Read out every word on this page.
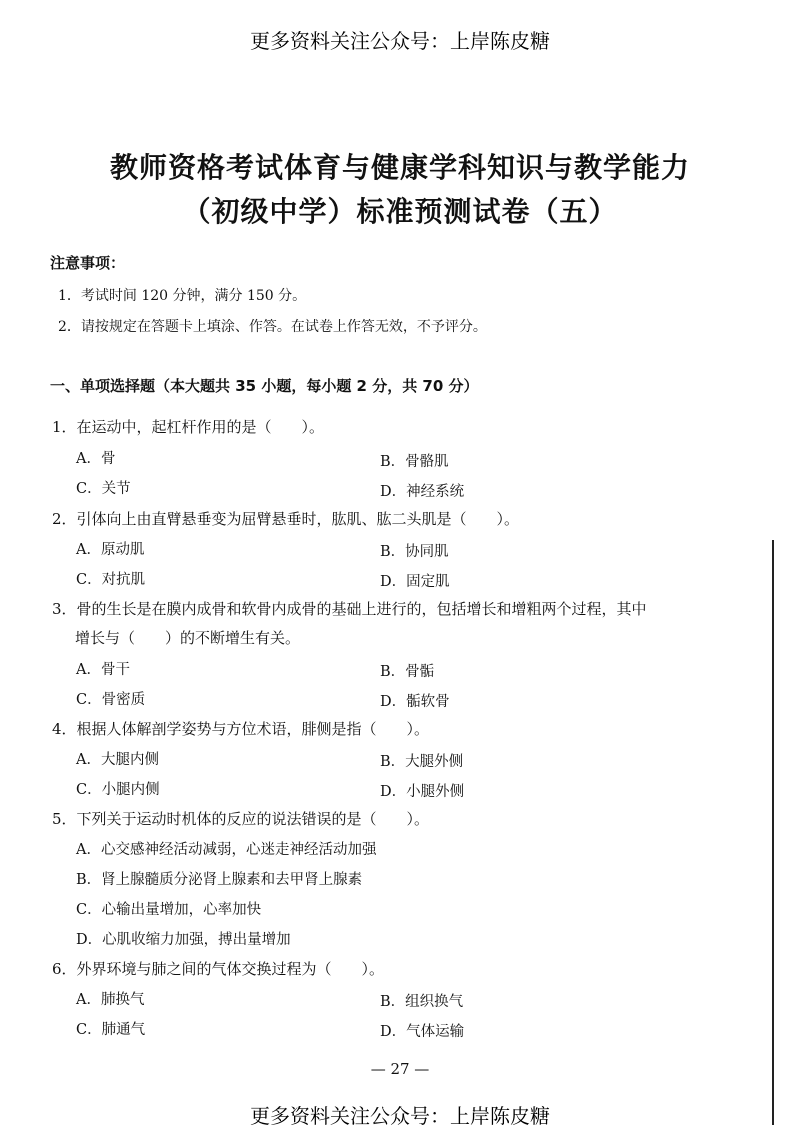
更多资料关注公众号：上岸陈皮糖
教师资格考试体育与健康学科知识与教学能力
（初级中学）标准预测试卷（五）
注意事项：
1．考试时间 120 分钟，满分 150 分。
2．请按规定在答题卡上填涂、作答。在试卷上作答无效，不予评分。
一、单项选择题（本大题共 35 小题，每小题 2 分，共 70 分）
1．在运动中，起杠杆作用的是（　　）。
A．骨	B．骨骼肌
C．关节	D．神经系统
2．引体向上由直臂悬垂变为屈臂悬垂时，肱肌、肱二头肌是（　　）。
A．原动肌	B．协同肌
C．对抗肌	D．固定肌
3．骨的生长是在膜内成骨和软骨内成骨的基础上进行的，包括增长和增粗两个过程，其中
增长与（　　）的不断增生有关。
A．骨干	B．骨骺
C．骨密质	D．骺软骨
4．根据人体解剖学姿势与方位术语，腓侧是指（　　）。
A．大腿内侧	B．大腿外侧
C．小腿内侧	D．小腿外侧
5．下列关于运动时机体的反应的说法错误的是（　　）。
A．心交感神经活动减弱，心迷走神经活动加强
B．肾上腺髓质分泌肾上腺素和去甲肾上腺素
C．心输出量增加，心率加快
D．心肌收缩力加强，搏出量增加
6．外界环境与肺之间的气体交换过程为（　　）。
A．肺换气	B．组织换气
C．肺通气	D．气体运输
— 27 —
更多资料关注公众号：上岸陈皮糖
